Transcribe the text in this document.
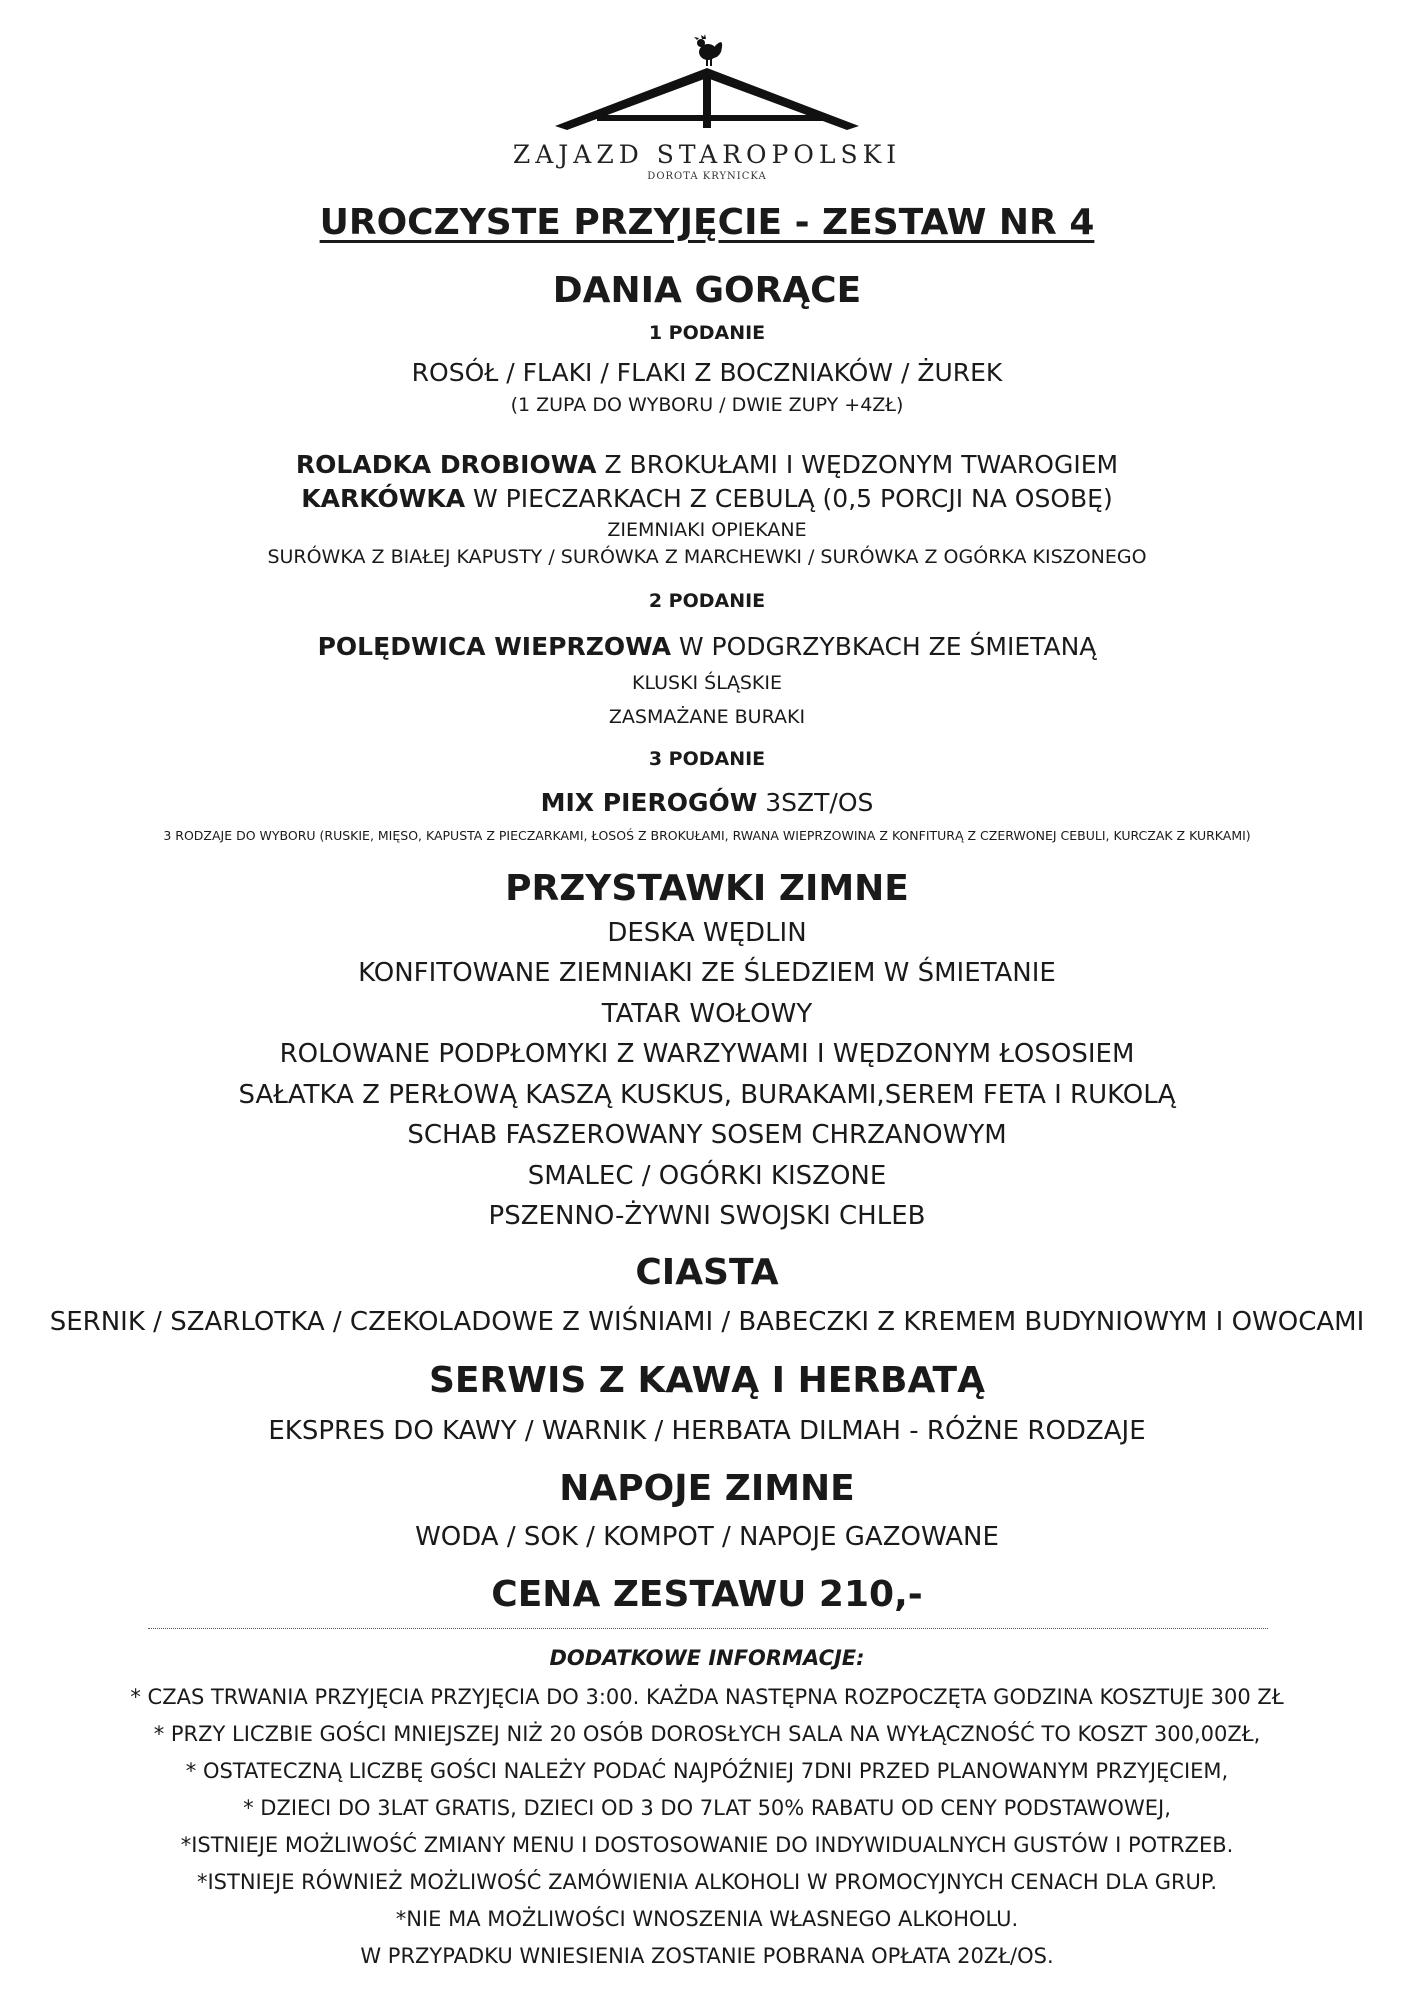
ZAJAZD STAROPOLSKI
DOROTA KRYNICKA

UROCZYSTE PRZYJĘCIE - ZESTAW NR 4

DANIA GORĄCE

1 PODANIE

ROSÓŁ / FLAKI / FLAKI Z BOCZNIAKÓW / ŻUREK

(1 ZUPA DO WYBORU / DWIE ZUPY +4ZŁ)

ROLADKA DROBIOWA Z BROKUŁAMI I WĘDZONYM TWAROGIEM

KARKÓWKA W PIECZARKACH Z CEBULĄ (0,5 PORCJI NA OSOBĘ)

ZIEMNIAKI OPIEKANE

SURÓWKA Z BIAŁEJ KAPUSTY / SURÓWKA Z MARCHEWKI / SURÓWKA Z OGÓRKA KISZONEGO

2 PODANIE

POLĘDWICA WIEPRZOWA W PODGRZYBKACH ZE ŚMIETANĄ

KLUSKI ŚLĄSKIE

ZASMAŻANE BURAKI

3 PODANIE

MIX PIEROGÓW 3SZT/OS

3 RODZAJE DO WYBORU (RUSKIE, MIĘSO, KAPUSTA Z PIECZARKAMI, ŁOSOŚ Z BROKUŁAMI, RWANA WIEPRZOWINA Z KONFITURĄ Z CZERWONEJ CEBULI, KURCZAK Z KURKAMI)

PRZYSTAWKI ZIMNE

DESKA WĘDLIN

KONFITOWANE ZIEMNIAKI ZE ŚLEDZIEM W ŚMIETANIE

TATAR WOŁOWY

ROLOWANE PODPŁOMYKI Z WARZYWAMI I WĘDZONYM ŁOSOSIEM

SAŁATKA Z PERŁOWĄ KASZĄ KUSKUS, BURAKAMI,SEREM FETA I RUKOLĄ

SCHAB FASZEROWANY SOSEM CHRZANOWYM

SMALEC / OGÓRKI KISZONE

PSZENNO-ŻYWNI SWOJSKI CHLEB

CIASTA

SERNIK / SZARLOTKA / CZEKOLADOWE Z WIŚNIAMI / BABECZKI Z KREMEM BUDYNIOWYM I OWOCAMI

SERWIS Z KAWĄ I HERBATĄ

EKSPRES DO KAWY / WARNIK / HERBATA DILMAH - RÓŻNE RODZAJE

NAPOJE ZIMNE

WODA / SOK / KOMPOT / NAPOJE GAZOWANE

CENA ZESTAWU 210,-

DODATKOWE INFORMACJE:

* CZAS TRWANIA PRZYJĘCIA PRZYJĘCIA DO 3:00. KAŻDA NASTĘPNA ROZPOCZĘTA GODZINA KOSZTUJE 300 ZŁ

* PRZY LICZBIE GOŚCI MNIEJSZEJ NIŻ 20 OSÓB DOROSŁYCH SALA NA WYŁĄCZNOŚĆ TO KOSZT 300,00ZŁ,

* OSTATECZNĄ LICZBĘ GOŚCI NALEŻY PODAĆ NAJPÓŹNIEJ 7DNI PRZED PLANOWANYM PRZYJĘCIEM,

* DZIECI DO 3LAT GRATIS, DZIECI OD 3 DO 7LAT 50% RABATU OD CENY PODSTAWOWEJ,

*ISTNIEJE MOŻLIWOŚĆ ZMIANY MENU I DOSTOSOWANIE DO INDYWIDUALNYCH GUSTÓW I POTRZEB.

*ISTNIEJE RÓWNIEŻ MOŻLIWOŚĆ ZAMÓWIENIA ALKOHOLI W PROMOCYJNYCH CENACH DLA GRUP.

*NIE MA MOŻLIWOŚCI WNOSZENIA WŁASNEGO ALKOHOLU.

W PRZYPADKU WNIESIENIA ZOSTANIE POBRANA OPŁATA 20ZŁ/OS.
